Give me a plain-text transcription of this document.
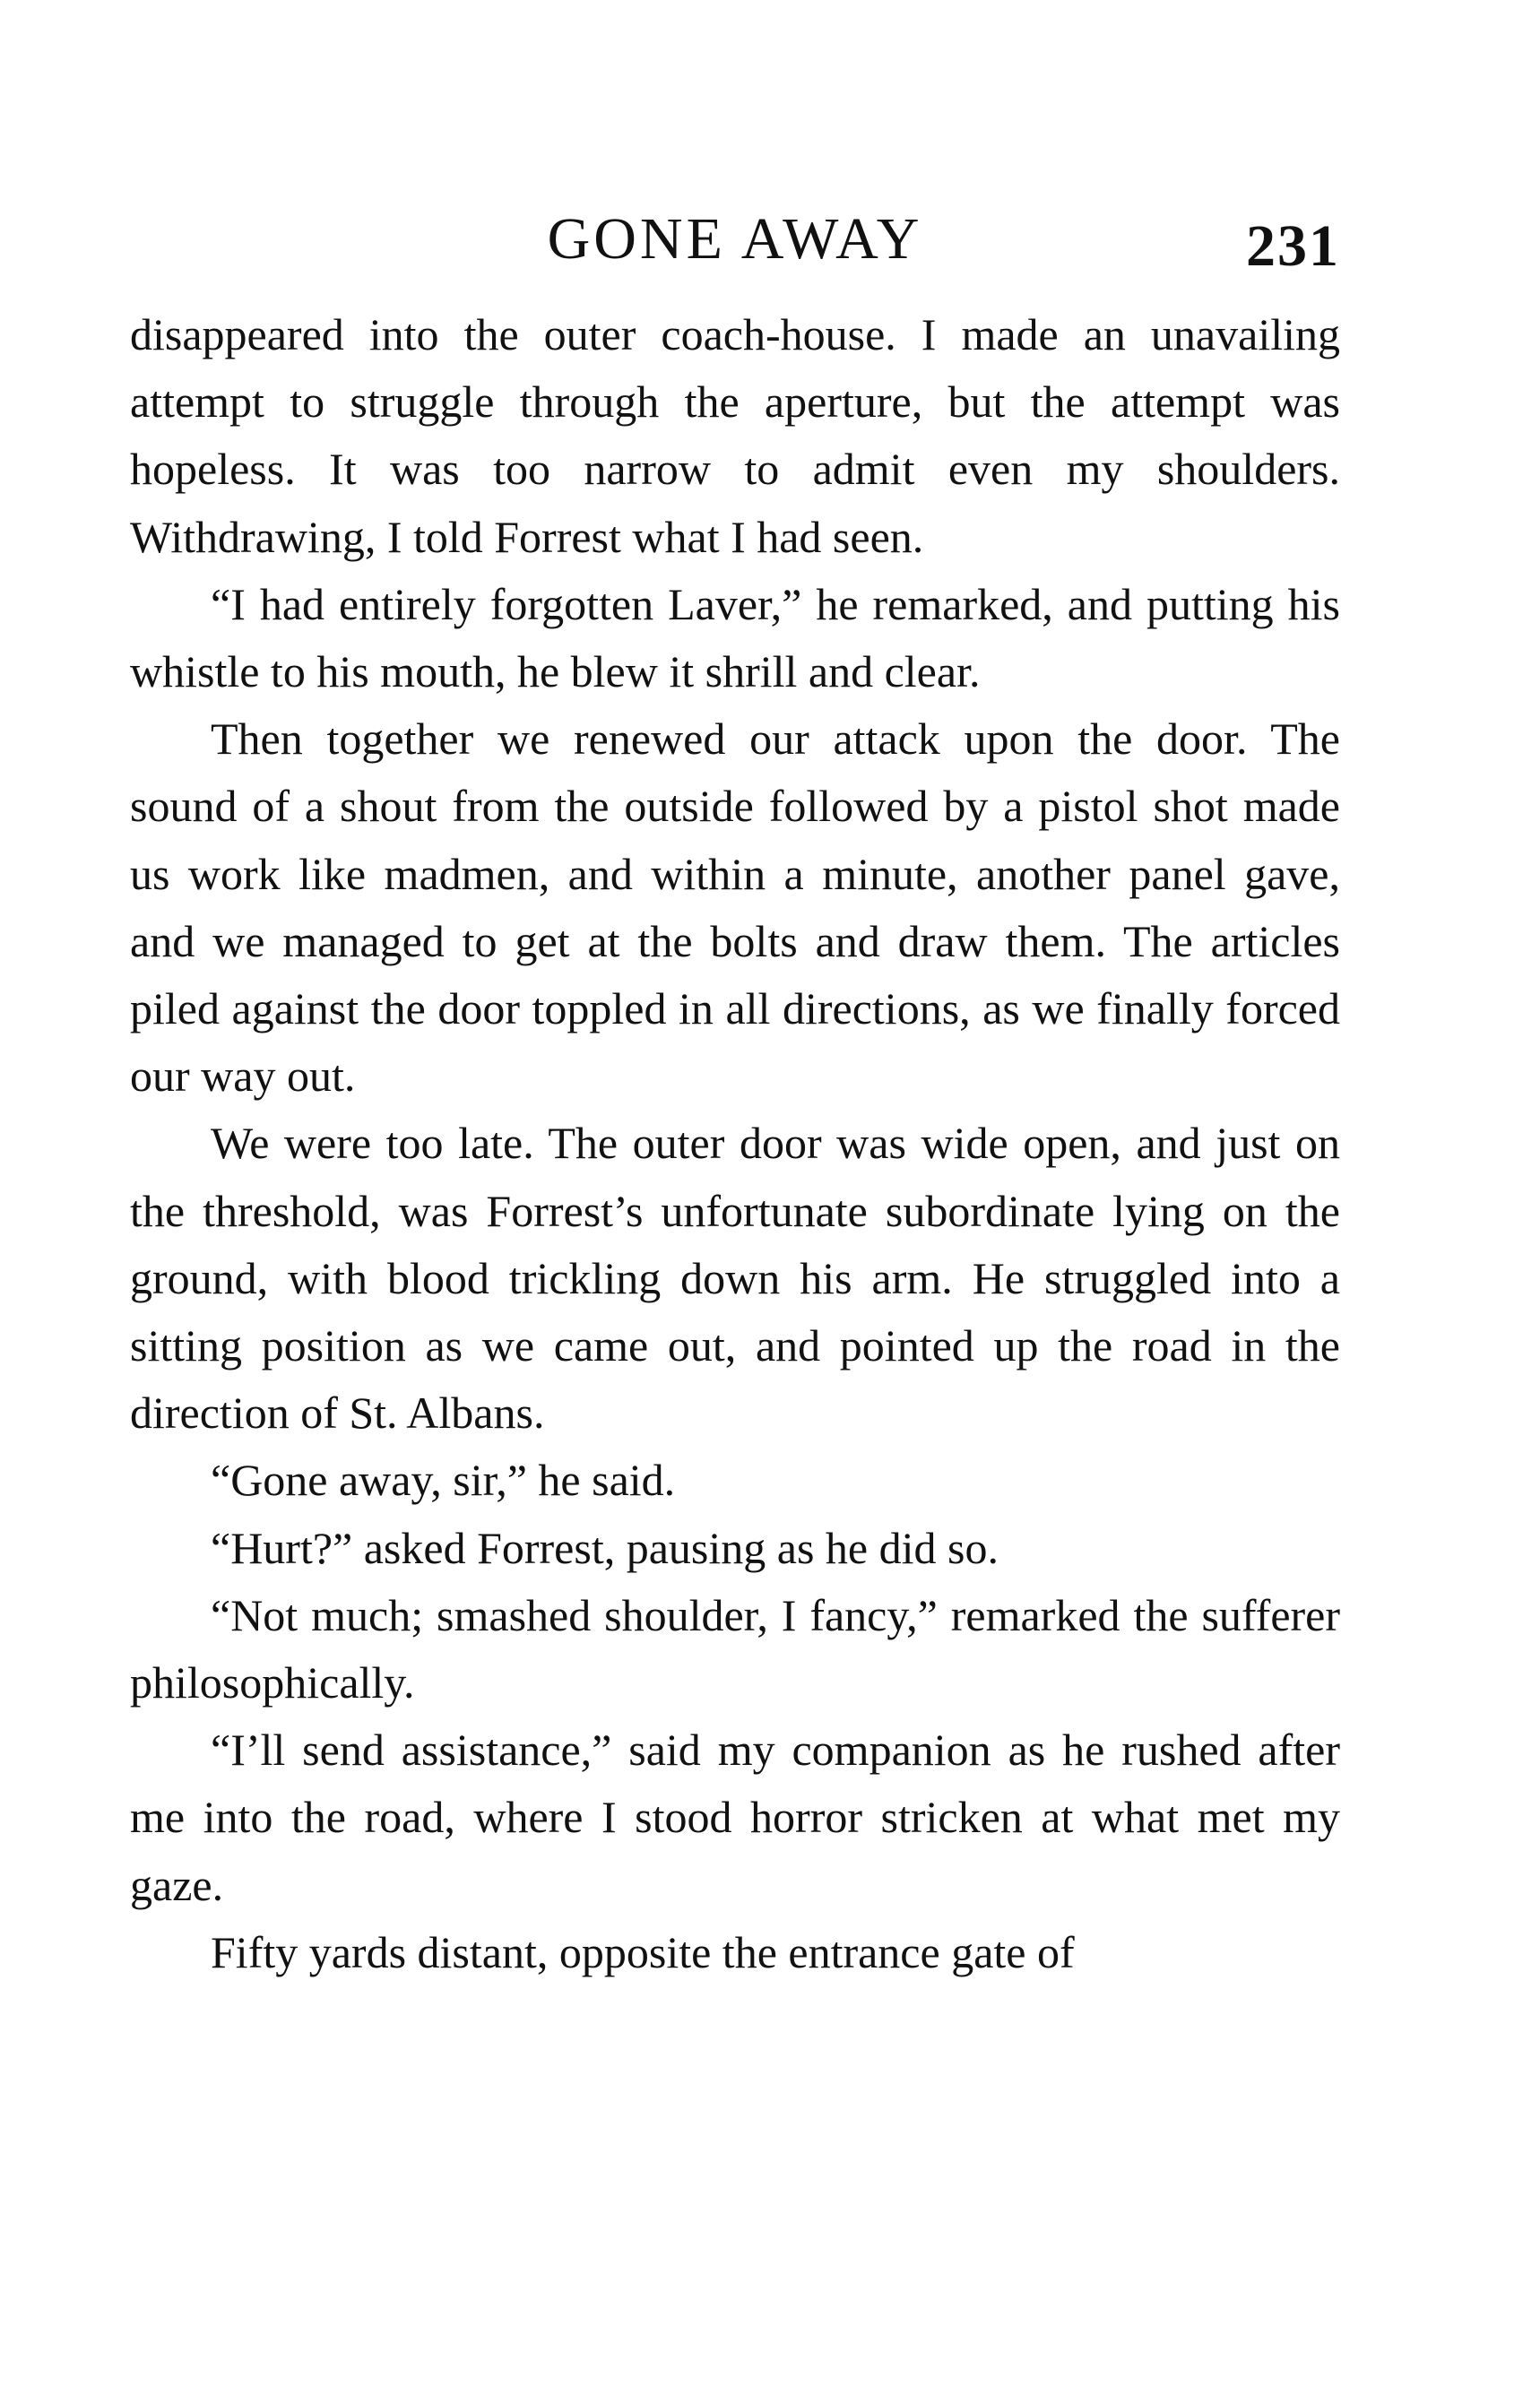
GONE AWAY	231

disappeared into the outer coach-house. I made an unavailing attempt to struggle through the aperture, but the attempt was hopeless. It was too narrow to admit even my shoulders. Withdrawing, I told Forrest what I had seen.

“I had entirely forgotten Laver,” he remarked, and putting his whistle to his mouth, he blew it shrill and clear.

Then together we renewed our attack upon the door. The sound of a shout from the outside followed by a pistol shot made us work like madmen, and within a minute, another panel gave, and we managed to get at the bolts and draw them. The articles piled against the door toppled in all directions, as we finally forced our way out.

We were too late. The outer door was wide open, and just on the threshold, was Forrest’s unfortunate subordinate lying on the ground, with blood trickling down his arm. He struggled into a sitting position as we came out, and pointed up the road in the direction of St. Albans.

“Gone away, sir,” he said.

“Hurt?” asked Forrest, pausing as he did so.

“Not much; smashed shoulder, I fancy,” remarked the sufferer philosophically.

“I’ll send assistance,” said my companion as he rushed after me into the road, where I stood horror stricken at what met my gaze.

Fifty yards distant, opposite the entrance gate of
